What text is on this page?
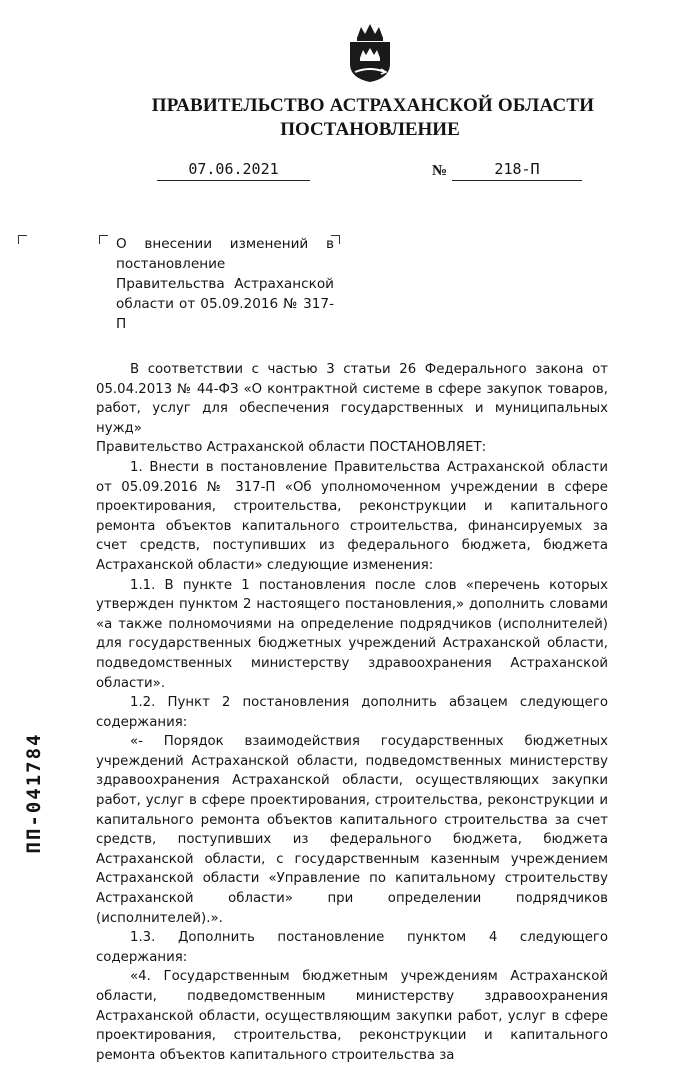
ПРАВИТЕЛЬСТВО АСТРАХАНСКОЙ ОБЛАСТИ
ПОСТАНОВЛЕНИЕ
07.06.2021	№	218-П
О внесении изменений в постановление Правительства Астраханской области от 05.09.2016 № 317-П

В соответствии с частью 3 статьи 26 Федерального закона от 05.04.2013 № 44-ФЗ «О контрактной системе в сфере закупок товаров, работ, услуг для обеспечения государственных и муниципальных нужд»

Правительство Астраханской области ПОСТАНОВЛЯЕТ:

1. Внести в постановление Правительства Астраханской области от 05.09.2016 № 317-П «Об уполномоченном учреждении в сфере проектирования, строительства, реконструкции и капитального ремонта объектов капитального строительства, финансируемых за счет средств, поступивших из федерального бюджета, бюджета Астраханской области» следующие изменения:

1.1. В пункте 1 постановления после слов «перечень которых утвержден пунктом 2 настоящего постановления,» дополнить словами «а также полномочиями на определение подрядчиков (исполнителей) для государственных бюджетных учреждений Астраханской области, подведомственных министерству здравоохранения Астраханской области».

1.2. Пункт 2 постановления дополнить абзацем следующего содержания:

«- Порядок взаимодействия государственных бюджетных учреждений Астраханской области, подведомственных министерству здравоохранения Астраханской области, осуществляющих закупки работ, услуг в сфере проектирования, строительства, реконструкции и капитального ремонта объектов капитального строительства за счет средств, поступивших из федерального бюджета, бюджета Астраханской области, с государственным казенным учреждением Астраханской области «Управление по капитальному строительству Астраханской области» при определении подрядчиков (исполнителей).».

1.3. Дополнить постановление пунктом 4 следующего содержания:

«4. Государственным бюджетным учреждениям Астраханской области, подведомственным министерству здравоохранения Астраханской области, осуществляющим закупки работ, услуг в сфере проектирования, строительства, реконструкции и капитального ремонта объектов капитального строительства за

ПП-041784
